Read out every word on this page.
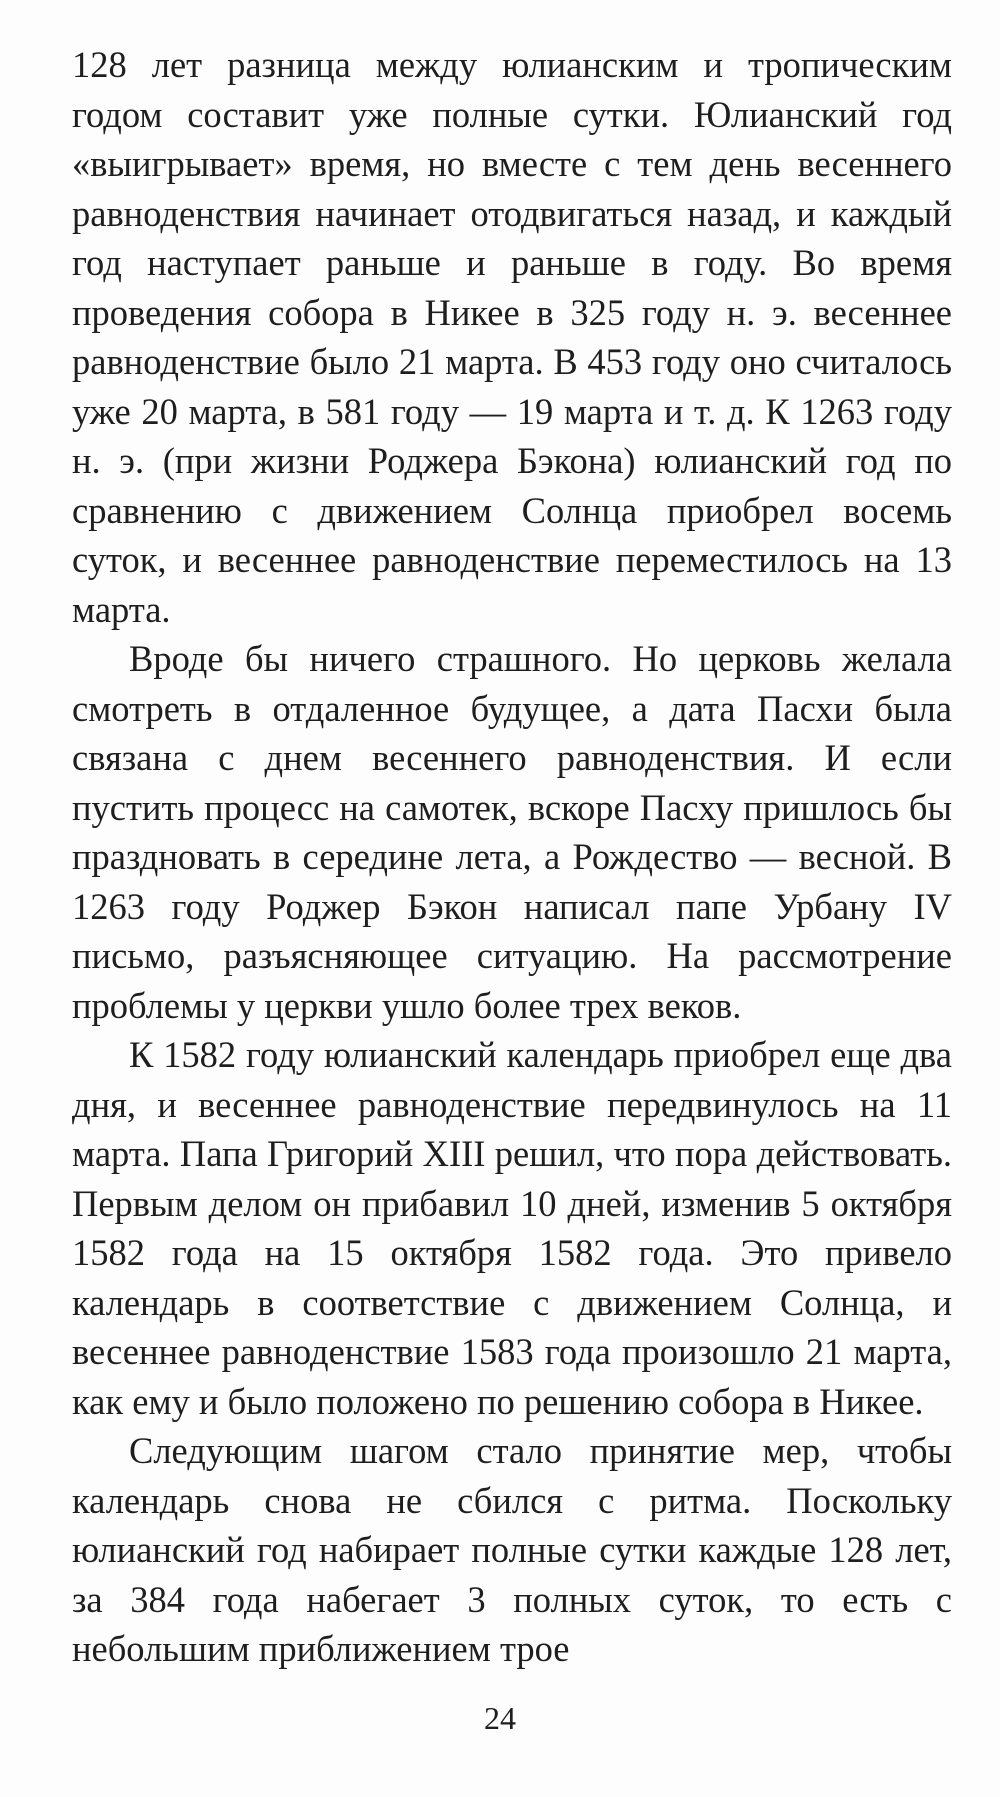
128 лет разница между юлианским и тропическим годом составит уже полные сутки. Юлианский год «выигрывает» время, но вместе с тем день весеннего равноденствия начинает отодвигаться назад, и каждый год наступает раньше и раньше в году. Во время проведения собора в Никее в 325 году н. э. весеннее равноденствие было 21 марта. В 453 году оно считалось уже 20 марта, в 581 году — 19 марта и т. д. К 1263 году н. э. (при жизни Роджера Бэкона) юлианский год по сравнению с движением Солнца приобрел восемь суток, и весеннее равноденствие переместилось на 13 марта.

Вроде бы ничего страшного. Но церковь желала смотреть в отдаленное будущее, а дата Пасхи была связана с днем весеннего равноденствия. И если пустить процесс на самотек, вскоре Пасху пришлось бы праздновать в середине лета, а Рождество — весной. В 1263 году Роджер Бэкон написал папе Урбану IV письмо, разъясняющее ситуацию. На рассмотрение проблемы у церкви ушло более трех веков.

К 1582 году юлианский календарь приобрел еще два дня, и весеннее равноденствие передвинулось на 11 марта. Папа Григорий XIII решил, что пора действовать. Первым делом он прибавил 10 дней, изменив 5 октября 1582 года на 15 октября 1582 года. Это привело календарь в соответствие с движением Солнца, и весеннее равноденствие 1583 года произошло 21 марта, как ему и было положено по решению собора в Никее.

Следующим шагом стало принятие мер, чтобы календарь снова не сбился с ритма. Поскольку юлианский год набирает полные сутки каждые 128 лет, за 384 года набегает 3 полных суток, то есть с небольшим приближением трое

24
